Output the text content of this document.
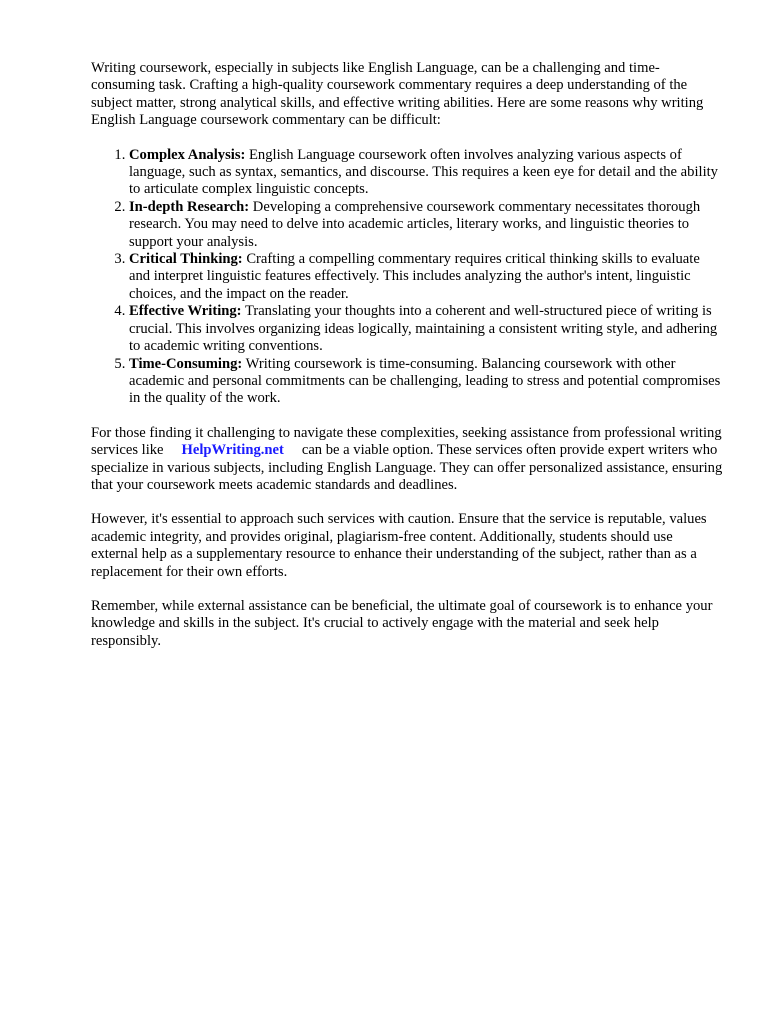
Writing coursework, especially in subjects like English Language, can be a challenging and time-consuming task. Crafting a high-quality coursework commentary requires a deep understanding of the subject matter, strong analytical skills, and effective writing abilities. Here are some reasons why writing English Language coursework commentary can be difficult:

1. Complex Analysis: English Language coursework often involves analyzing various aspects of language, such as syntax, semantics, and discourse. This requires a keen eye for detail and the ability to articulate complex linguistic concepts.
2. In-depth Research: Developing a comprehensive coursework commentary necessitates thorough research. You may need to delve into academic articles, literary works, and linguistic theories to support your analysis.
3. Critical Thinking: Crafting a compelling commentary requires critical thinking skills to evaluate and interpret linguistic features effectively. This includes analyzing the author's intent, linguistic choices, and the impact on the reader.
4. Effective Writing: Translating your thoughts into a coherent and well-structured piece of writing is crucial. This involves organizing ideas logically, maintaining a consistent writing style, and adhering to academic writing conventions.
5. Time-Consuming: Writing coursework is time-consuming. Balancing coursework with other academic and personal commitments can be challenging, leading to stress and potential compromises in the quality of the work.

For those finding it challenging to navigate these complexities, seeking assistance from professional writing services like HelpWriting.net can be a viable option. These services often provide expert writers who specialize in various subjects, including English Language. They can offer personalized assistance, ensuring that your coursework meets academic standards and deadlines.

However, it's essential to approach such services with caution. Ensure that the service is reputable, values academic integrity, and provides original, plagiarism-free content. Additionally, students should use external help as a supplementary resource to enhance their understanding of the subject, rather than as a replacement for their own efforts.

Remember, while external assistance can be beneficial, the ultimate goal of coursework is to enhance your knowledge and skills in the subject. It's crucial to actively engage with the material and seek help responsibly.
